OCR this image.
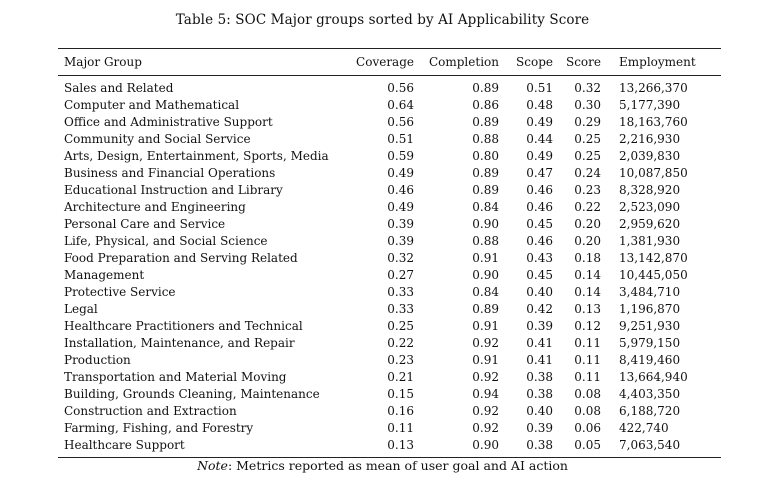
Table 5: SOC Major groups sorted by AI Applicability Score
Major Group	Coverage	Completion	Scope	Score	Employment
Sales and Related	0.56	0.89	0.51	0.32	13,266,370
Computer and Mathematical	0.64	0.86	0.48	0.30	5,177,390
Office and Administrative Support	0.56	0.89	0.49	0.29	18,163,760
Community and Social Service	0.51	0.88	0.44	0.25	2,216,930
Arts, Design, Entertainment, Sports, Media	0.59	0.80	0.49	0.25	2,039,830
Business and Financial Operations	0.49	0.89	0.47	0.24	10,087,850
Educational Instruction and Library	0.46	0.89	0.46	0.23	8,328,920
Architecture and Engineering	0.49	0.84	0.46	0.22	2,523,090
Personal Care and Service	0.39	0.90	0.45	0.20	2,959,620
Life, Physical, and Social Science	0.39	0.88	0.46	0.20	1,381,930
Food Preparation and Serving Related	0.32	0.91	0.43	0.18	13,142,870
Management	0.27	0.90	0.45	0.14	10,445,050
Protective Service	0.33	0.84	0.40	0.14	3,484,710
Legal	0.33	0.89	0.42	0.13	1,196,870
Healthcare Practitioners and Technical	0.25	0.91	0.39	0.12	9,251,930
Installation, Maintenance, and Repair	0.22	0.92	0.41	0.11	5,979,150
Production	0.23	0.91	0.41	0.11	8,419,460
Transportation and Material Moving	0.21	0.92	0.38	0.11	13,664,940
Building, Grounds Cleaning, Maintenance	0.15	0.94	0.38	0.08	4,403,350
Construction and Extraction	0.16	0.92	0.40	0.08	6,188,720
Farming, Fishing, and Forestry	0.11	0.92	0.39	0.06	422,740
Healthcare Support	0.13	0.90	0.38	0.05	7,063,540
Note: Metrics reported as mean of user goal and AI action
